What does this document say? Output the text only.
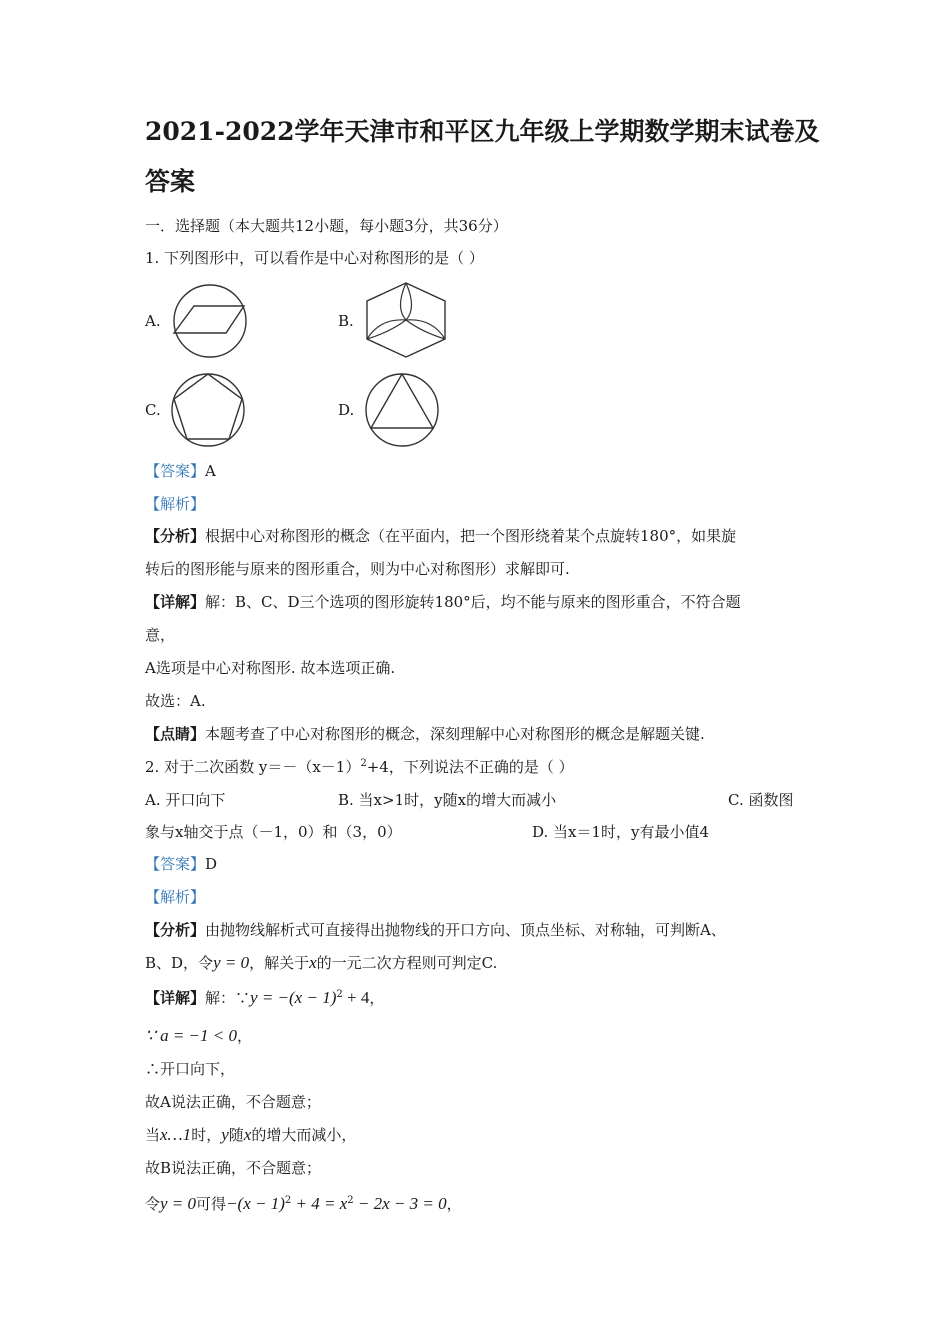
2021-2022学年天津市和平区九年级上学期数学期末试卷及
答案
一．选择题（本大题共12小题，每小题3分，共36分）
1. 下列图形中，可以看作是中心对称图形的是（ ）
A.	B.
C.	D.
【答案】A
【解析】
【分析】根据中心对称图形的概念（在平面内，把一个图形绕着某个点旋转180°，如果旋
转后的图形能与原来的图形重合，则为中心对称图形）求解即可.
【详解】解：B、C、D三个选项的图形旋转180°后，均不能与原来的图形重合，不符合题
意，
A选项是中心对称图形. 故本选项正确.
故选：A.
【点睛】本题考查了中心对称图形的概念，深刻理解中心对称图形的概念是解题关键.
2. 对于二次函数 $y=-(x-1)^2+4$，下列说法不正确的是（ ）
A. 开口向下	B. 当x>1时，y随x的增大而减小	C. 函数图
象与x轴交于点（－1，0）和（3，0）	D. 当x＝1时，y有最小值4
【答案】D
【解析】
【分析】由抛物线解析式可直接得出抛物线的开口方向、顶点坐标、对称轴，可判断A、
B、D，令y = 0，解关于x的一元二次方程则可判定C.
【详解】解：∵y = $-(x - 1)^2 + 4$，
∵ a = −1 < 0，
∴开口向下，
故A说法正确，不合题意；
当x…1时，y随x的增大而减小，
故B说法正确，不合题意；
令y = 0可得$-(x - 1)^2 + 4 = x^2 - 2x - 3 = 0$，
